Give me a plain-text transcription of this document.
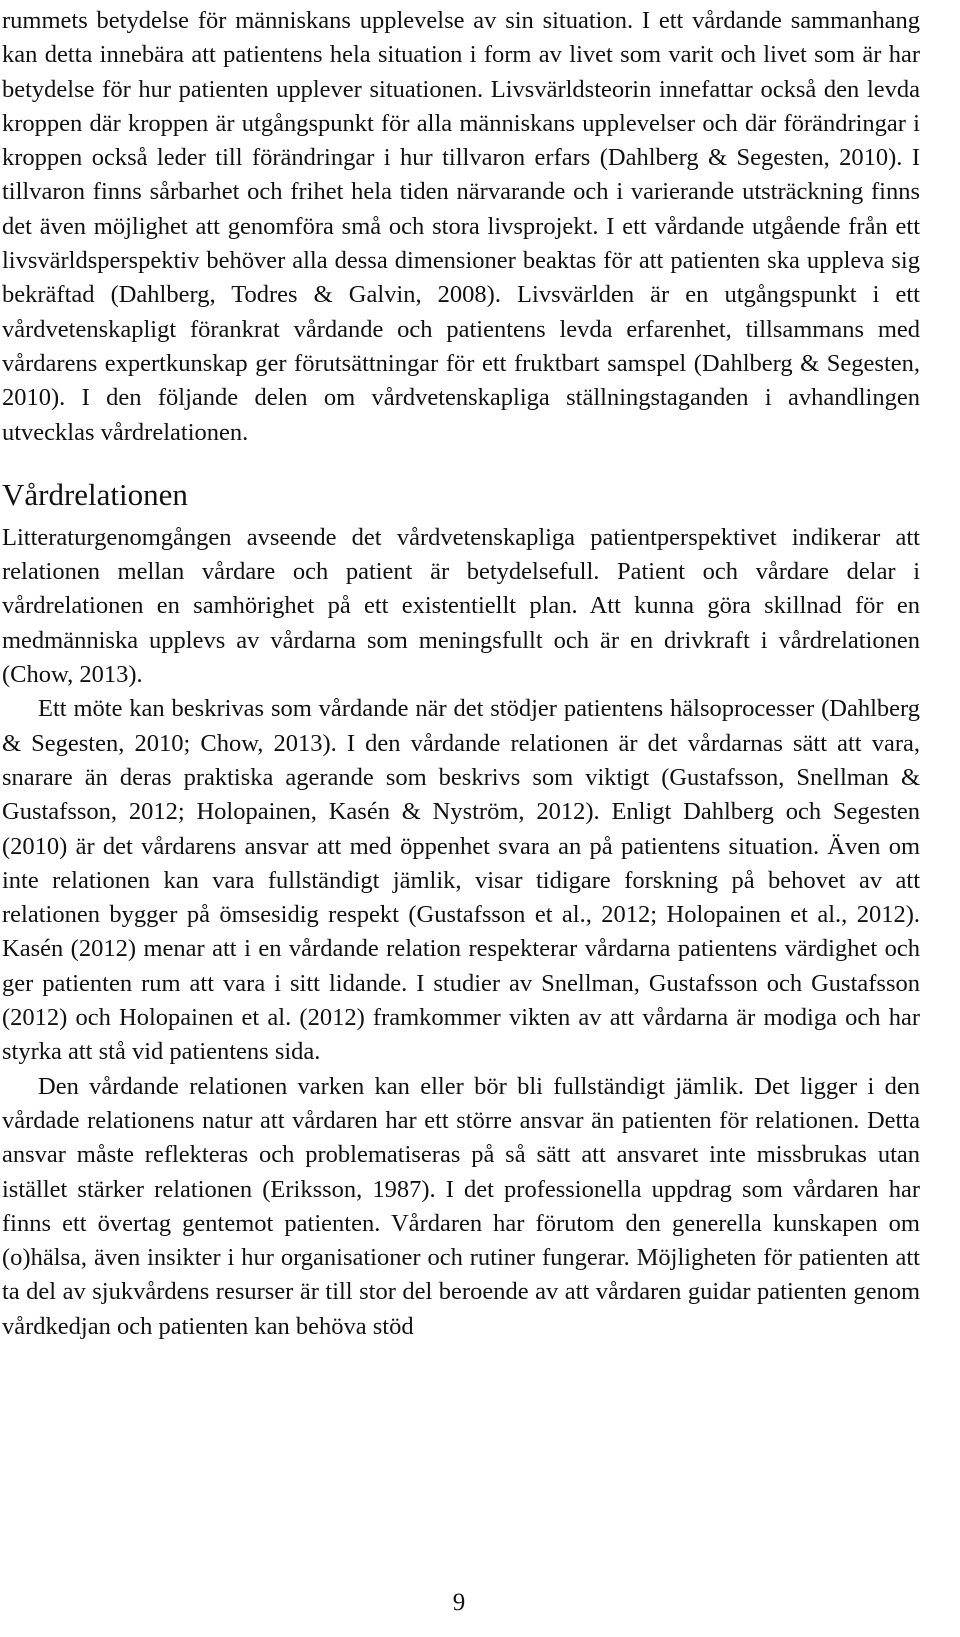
rummets betydelse för människans upplevelse av sin situation. I ett vårdande sammanhang kan detta innebära att patientens hela situation i form av livet som varit och livet som är har betydelse för hur patienten upplever situationen. Livsvärldsteorin innefattar också den levda kroppen där kroppen är utgångspunkt för alla människans upplevelser och där förändringar i kroppen också leder till förändringar i hur tillvaron erfars (Dahlberg & Segesten, 2010). I tillvaron finns sårbarhet och frihet hela tiden närvarande och i varierande utsträckning finns det även möjlighet att genomföra små och stora livsprojekt. I ett vårdande utgående från ett livsvärldsperspektiv behöver alla dessa dimensioner beaktas för att patienten ska uppleva sig bekräftad (Dahlberg, Todres & Galvin, 2008). Livsvärlden är en utgångspunkt i ett vårdvetenskapligt förankrat vårdande och patientens levda erfarenhet, tillsammans med vårdarens expertkunskap ger förutsättningar för ett fruktbart samspel (Dahlberg & Segesten, 2010). I den följande delen om vårdvetenskapliga ställningstaganden i avhandlingen utvecklas vårdrelationen.

Vårdrelationen

Litteraturgenomgången avseende det vårdvetenskapliga patientperspektivet indikerar att relationen mellan vårdare och patient är betydelsefull. Patient och vårdare delar i vårdrelationen en samhörighet på ett existentiellt plan. Att kunna göra skillnad för en medmänniska upplevs av vårdarna som meningsfullt och är en drivkraft i vårdrelationen (Chow, 2013).

Ett möte kan beskrivas som vårdande när det stödjer patientens hälsoprocesser (Dahlberg & Segesten, 2010; Chow, 2013). I den vårdande relationen är det vårdarnas sätt att vara, snarare än deras praktiska agerande som beskrivs som viktigt (Gustafsson, Snellman & Gustafsson, 2012; Holopainen, Kasén & Nyström, 2012). Enligt Dahlberg och Segesten (2010) är det vårdarens ansvar att med öppenhet svara an på patientens situation. Även om inte relationen kan vara fullständigt jämlik, visar tidigare forskning på behovet av att relationen bygger på ömsesidig respekt (Gustafsson et al., 2012; Holopainen et al., 2012). Kasén (2012) menar att i en vårdande relation respekterar vårdarna patientens värdighet och ger patienten rum att vara i sitt lidande. I studier av Snellman, Gustafsson och Gustafsson (2012) och Holopainen et al. (2012) framkommer vikten av att vårdarna är modiga och har styrka att stå vid patientens sida.

Den vårdande relationen varken kan eller bör bli fullständigt jämlik. Det ligger i den vårdade relationens natur att vårdaren har ett större ansvar än patienten för relationen. Detta ansvar måste reflekteras och problematiseras på så sätt att ansvaret inte missbrukas utan istället stärker relationen (Eriksson, 1987). I det professionella uppdrag som vårdaren har finns ett övertag gentemot patienten. Vårdaren har förutom den generella kunskapen om (o)hälsa, även insikter i hur organisationer och rutiner fungerar. Möjligheten för patienten att ta del av sjukvårdens resurser är till stor del beroende av att vårdaren guidar patienten genom vårdkedjan och patienten kan behöva stöd

9
